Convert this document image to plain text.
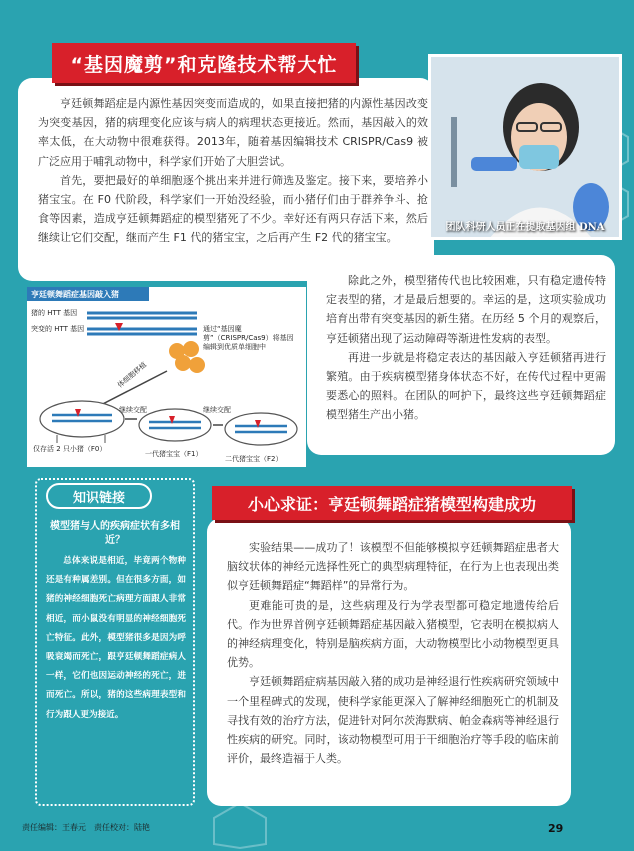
“基因魔剪”和克隆技术帮大忙

亨廷顿舞蹈症是内源性基因突变而造成的，如果直接把猪的内源性基因改变为突变基因，猪的病理变化应该与病人的病理状态更接近。然而，基因敲入的效率太低，在大动物中很难获得。2013年，随着基因编辑技术 CRISPR/Cas9 被广泛应用于哺乳动物中，科学家们开始了大胆尝试。

首先，要把最好的单细胞逐个挑出来并进行筛选及鉴定。接下来，要培养小猪宝宝。在 F0 代阶段，科学家们一开始没经验，而小猪仔们由于群养争斗、抢食等因素，造成亨廷顿舞蹈症的模型猪死了不少。幸好还有两只存活下来，然后继续让它们交配，继而产生 F1 代的猪宝宝，之后再产生 F2 代的猪宝宝。

团队科研人员正在提取基因组 DNA
亨廷顿舞蹈症基因敲入猪
猪的 HTT 基因
突变的 HTT 基因	通过“基因魔剪”（CRISPR/Cas9）将基因编辑到优质单细胞中
体细胞移植
继续交配	继续交配
仅存活 2 只小猪（F0）
一代猪宝宝（F1）
二代猪宝宝（F2）

除此之外，模型猪传代也比较困难，只有稳定遗传特定表型的猪，才是最后想要的。幸运的是，这项实验成功培育出带有突变基因的新生猪。在历经 5 个月的观察后，亨廷顿猪出现了运动障碍等渐进性发病的表型。

再进一步就是将稳定表达的基因敲入亨廷顿猪再进行繁殖。由于疾病模型猪身体状态不好，在传代过程中更需要悉心的照料。在团队的呵护下，最终这些亨廷顿舞蹈症模型猪生产出小猪。

知识链接
模型猪与人的疾病症状有多相近？
总体来说是相近，毕竟两个物种还是有种属差别。但在很多方面，如猪的神经细胞死亡病理方面跟人非常相近，而小鼠没有明显的神经细胞死亡特征。此外，模型猪很多是因为呼吸衰竭而死亡，跟亨廷顿舞蹈症病人一样，它们也因运动神经的死亡，进而死亡。所以，猪的这些病理表型和行为跟人更为接近。
小心求证：亨廷顿舞蹈症猪模型构建成功

实验结果——成功了！该模型不但能够模拟亨廷顿舞蹈症患者大脑纹状体的神经元选择性死亡的典型病理特征，在行为上也表现出类似亨廷顿舞蹈症“舞蹈样”的异常行为。

更难能可贵的是，这些病理及行为学表型都可稳定地遗传给后代。作为世界首例亨廷顿舞蹈症基因敲入猪模型，它表明在模拟病人的神经病理变化，特别是脑疾病方面，大动物模型比小动物模型更具优势。

亨廷顿舞蹈症病基因敲入猪的成功是神经退行性疾病研究领域中一个里程碑式的发现，使科学家能更深入了解神经细胞死亡的机制及寻找有效的治疗方法，促进针对阿尔茨海默病、帕金森病等神经退行性疾病的研究。同时，该动物模型可用于干细胞治疗等手段的临床前评价，最终造福于人类。

责任编辑：王春元　责任校对：陆艳	29
